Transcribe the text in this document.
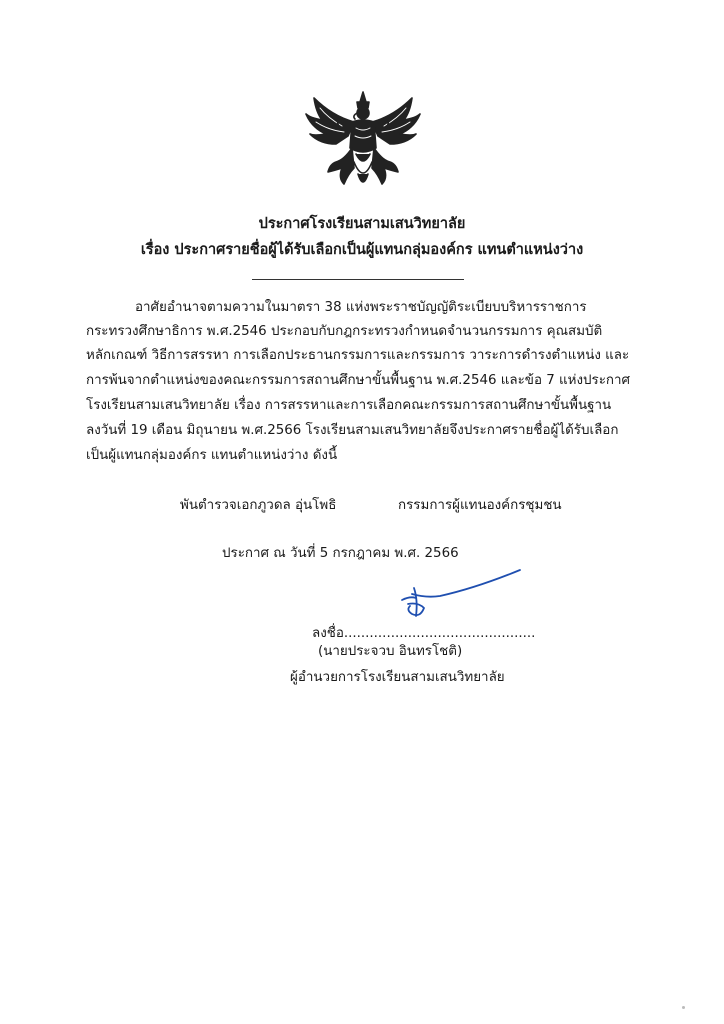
ประกาศโรงเรียนสามเสนวิทยาลัย
เรื่อง ประกาศรายชื่อผู้ได้รับเลือกเป็นผู้แทนกลุ่มองค์กร แทนตำแหน่งว่าง
อาศัยอำนาจตามความในมาตรา 38 แห่งพระราชบัญญัติระเบียบบริหารราชการ
กระทรวงศึกษาธิการ พ.ศ.2546 ประกอบกับกฎกระทรวงกำหนดจำนวนกรรมการ คุณสมบัติ
หลักเกณฑ์ วิธีการสรรหา การเลือกประธานกรรมการและกรรมการ วาระการดำรงตำแหน่ง และ
การพ้นจากตำแหน่งของคณะกรรมการสถานศึกษาขั้นพื้นฐาน พ.ศ.2546 และข้อ 7 แห่งประกาศ
โรงเรียนสามเสนวิทยาลัย เรื่อง การสรรหาและการเลือกคณะกรรมการสถานศึกษาขั้นพื้นฐาน
ลงวันที่ 19 เดือน มิถุนายน พ.ศ.2566 โรงเรียนสามเสนวิทยาลัยจึงประกาศรายชื่อผู้ได้รับเลือก
เป็นผู้แทนกลุ่มองค์กร แทนตำแหน่งว่าง ดังนี้
พันตำรวจเอกภูวดล อุ่นโพธิ	กรรมการผู้แทนองค์กรชุมชน
ประกาศ ณ วันที่ 5 กรกฎาคม พ.ศ. 2566
ลงชื่อ.............................................
(นายประจวบ อินทรโชติ)
ผู้อำนวยการโรงเรียนสามเสนวิทยาลัย
